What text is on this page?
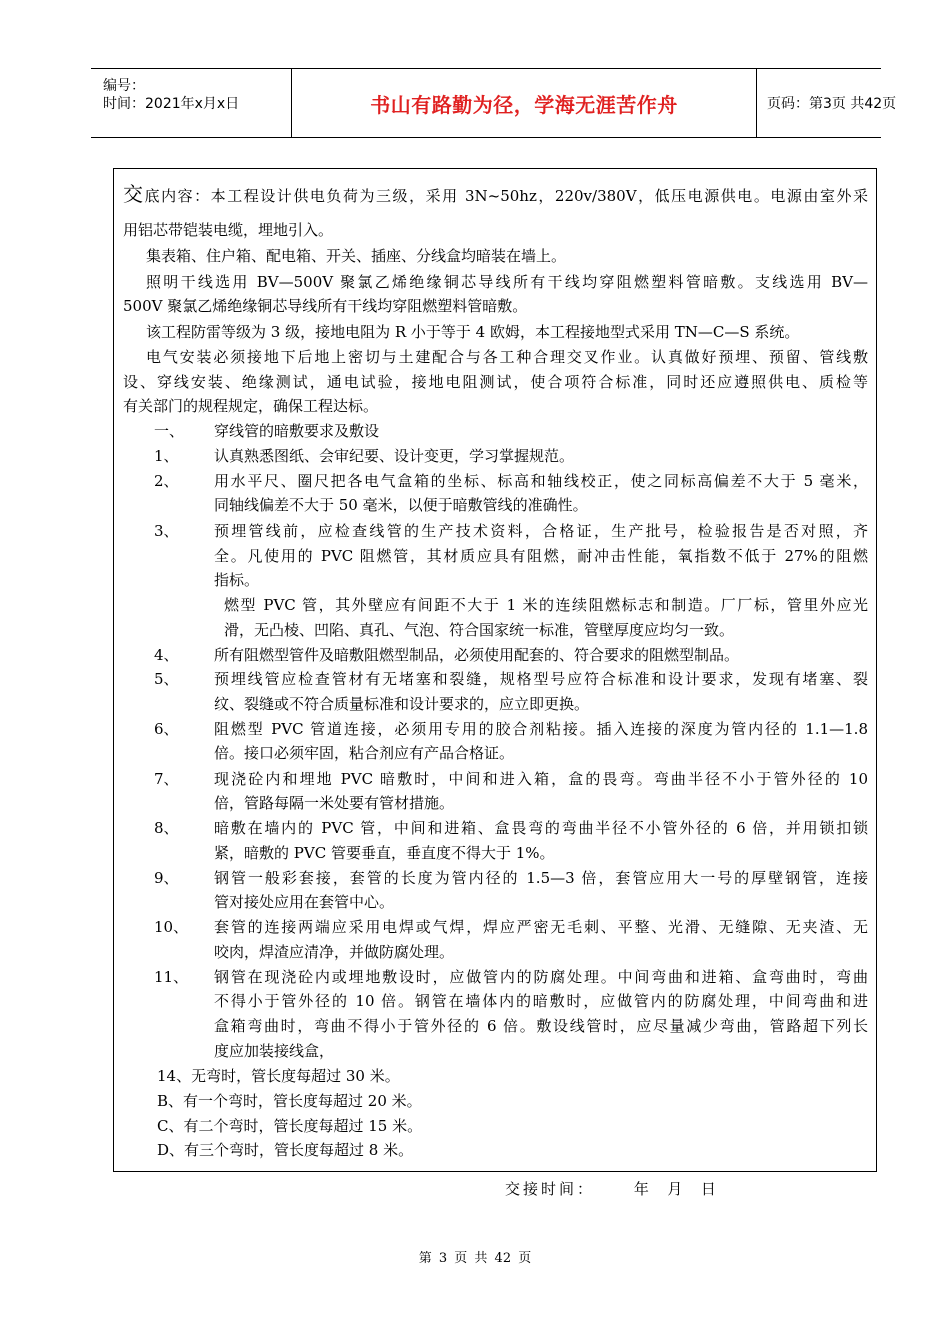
编号：
时间：2021年x月x日	书山有路勤为径，学海无涯苦作舟	页码：第3页 共42页
交底内容：本工程设计供电负荷为三级，采用 3N~50hz，220v/380V，低压电源供电。电源由室外采
用铝芯带铠装电缆，埋地引入。
集表箱、住户箱、配电箱、开关、插座、分线盒均暗装在墙上。
照明干线选用 BV—500V 聚氯乙烯绝缘铜芯导线所有干线均穿阻燃塑料管暗敷。支线选用 BV—
500V 聚氯乙烯绝缘铜芯导线所有干线均穿阻燃塑料管暗敷。
该工程防雷等级为 3 级，接地电阻为 R 小于等于 4 欧姆，本工程接地型式采用 TN—C—S 系统。
电气安装必须接地下后地上密切与土建配合与各工种合理交叉作业。认真做好预埋、预留、管线敷
设、穿线安装、绝缘测试，通电试验，接地电阻测试，使合项符合标准，同时还应遵照供电、质检等
有关部门的规程规定，确保工程达标。
一、 穿线管的暗敷要求及敷设
1、 认真熟悉图纸、会审纪要、设计变更，学习掌握规范。
2、 用水平尺、圈尺把各电气盒箱的坐标、标高和轴线校正，使之同标高偏差不大于 5 毫米，
同轴线偏差不大于 50 毫米，以便于暗敷管线的准确性。
3、 预埋管线前，应检查线管的生产技术资料，合格证，生产批号，检验报告是否对照，齐
全。凡使用的 PVC 阻燃管，其材质应具有阻燃，耐冲击性能，氧指数不低于 27%的阻燃
指标。
燃型 PVC 管，其外壁应有间距不大于 1 米的连续阻燃标志和制造。厂厂标，管里外应光
滑，无凸棱、凹陷、真孔、气泡、符合国家统一标准，管壁厚度应均匀一致。
4、 所有阻燃型管件及暗敷阻燃型制品，必须使用配套的、符合要求的阻燃型制品。
5、 预埋线管应检查管材有无堵塞和裂缝，规格型号应符合标准和设计要求，发现有堵塞、裂
纹、裂缝或不符合质量标准和设计要求的，应立即更换。
6、 阻燃型 PVC 管道连接，必须用专用的胶合剂粘接。插入连接的深度为管内径的 1.1—1.8
倍。接口必须牢固，粘合剂应有产品合格证。
7、 现浇砼内和埋地 PVC 暗敷时，中间和进入箱，盒的畏弯。弯曲半径不小于管外径的 10
倍，管路每隔一米处要有管材措施。
8、 暗敷在墙内的 PVC 管，中间和进箱、盒畏弯的弯曲半径不小管外径的 6 倍，并用锁扣锁
紧，暗敷的 PVC 管要垂直，垂直度不得大于 1%。
9、 钢管一般彩套接，套管的长度为管内径的 1.5—3 倍，套管应用大一号的厚壁钢管，连接
管对接处应用在套管中心。
10、 套管的连接两端应采用电焊或气焊，焊应严密无毛刺、平整、光滑、无缝隙、无夹渣、无
咬肉，焊渣应清净，并做防腐处理。
11、 钢管在现浇砼内或埋地敷设时，应做管内的防腐处理。中间弯曲和进箱、盒弯曲时，弯曲
不得小于管外径的 10 倍。钢管在墙体内的暗敷时，应做管内的防腐处理，中间弯曲和进
盒箱弯曲时，弯曲不得小于管外径的 6 倍。敷设线管时，应尽量减少弯曲，管路超下列长
度应加装接线盒，
14、无弯时，管长度每超过 30 米。
B、有一个弯时，管长度每超过 20 米。
C、有二个弯时，管长度每超过 15 米。
D、有三个弯时，管长度每超过 8 米。
交接时间：     年  月  日
第 3 页 共 42 页
